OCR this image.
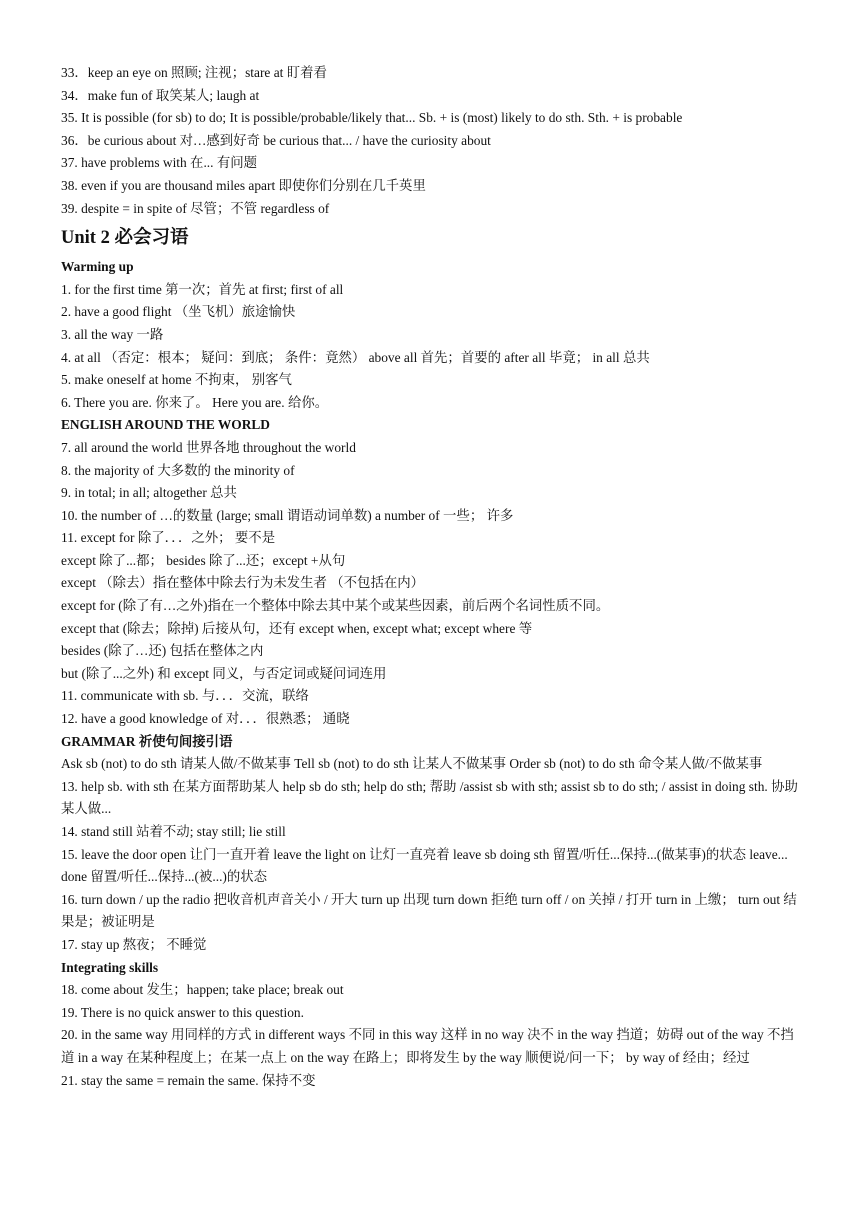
33．keep an eye on 照顾; 注视；stare at 盯着看

34．make fun of 取笑某人; laugh at

35. It is possible (for sb) to do; It is possible/probable/likely that... Sb. + is (most) likely to do sth. Sth. + is probable

36．be curious about 对…感到好奇 be curious that... / have the curiosity about

37. have problems with 在... 有问题

38. even if you are thousand miles apart 即使你们分别在几千英里

39. despite = in spite of 尽管；不管 regardless of

Unit 2 必会习语

Warming up

1. for the first time 第一次；首先 at first; first of all

2. have a good flight （坐飞机）旅途愉快

3. all the way 一路

4. at all （否定：根本； 疑问：到底； 条件：竟然） above all 首先；首要的 after all 毕竟； in all 总共

5. make oneself at home 不拘束， 别客气

6. There you are. 你来了。 Here you are. 给你。

ENGLISH AROUND THE WORLD

7. all around the world 世界各地 throughout the world

8. the majority of 大多数的 the minority of

9. in total; in all; altogether 总共

10. the number of …的数量 (large; small 谓语动词单数) a number of 一些； 许多

11. except for 除了．．．之外； 要不是

except 除了...都； besides 除了...还；except +从句

except （除去）指在整体中除去行为未发生者 （不包括在内）

except for (除了有…之外)指在一个整体中除去其中某个或某些因素，前后两个名词性质不同。

except that (除去；除掉) 后接从句，还有 except when, except what; except where 等

besides (除了…还) 包括在整体之内

but (除了...之外) 和 except 同义，与否定词或疑问词连用

11. communicate with sb. 与．．．交流，联络

12. have a good knowledge of 对．．．很熟悉； 通晓

GRAMMAR 祈使句间接引语

Ask sb (not) to do sth 请某人做/不做某事 Tell sb (not) to do sth 让某人不做某事 Order sb (not) to do sth 命令某人做/不做某事

13. help sb. with sth 在某方面帮助某人 help sb do sth; help do sth; 帮助 /assist sb with sth; assist sb to do sth; / assist in doing sth. 协助某人做...

14. stand still 站着不动; stay still; lie still

15. leave the door open 让门一直开着 leave the light on 让灯一直亮着 leave sb doing sth 留置/听任...保持...(做某事)的状态 leave... done 留置/听任...保持...(被...)的状态

16. turn down / up the radio 把收音机声音关小 / 开大 turn up 出现 turn down 拒绝 turn off / on 关掉 / 打开 turn in 上缴； turn out 结果是；被证明是

17. stay up 熬夜； 不睡觉

Integrating skills

18. come about 发生；happen; take place; break out

19. There is no quick answer to this question.

20. in the same way 用同样的方式 in different ways 不同 in this way 这样 in no way 决不 in the way 挡道；妨碍 out of the way 不挡道 in a way 在某种程度上；在某一点上 on the way 在路上；即将发生 by the way 顺便说/问一下； by way of 经由；经过

21. stay the same = remain the same. 保持不变
